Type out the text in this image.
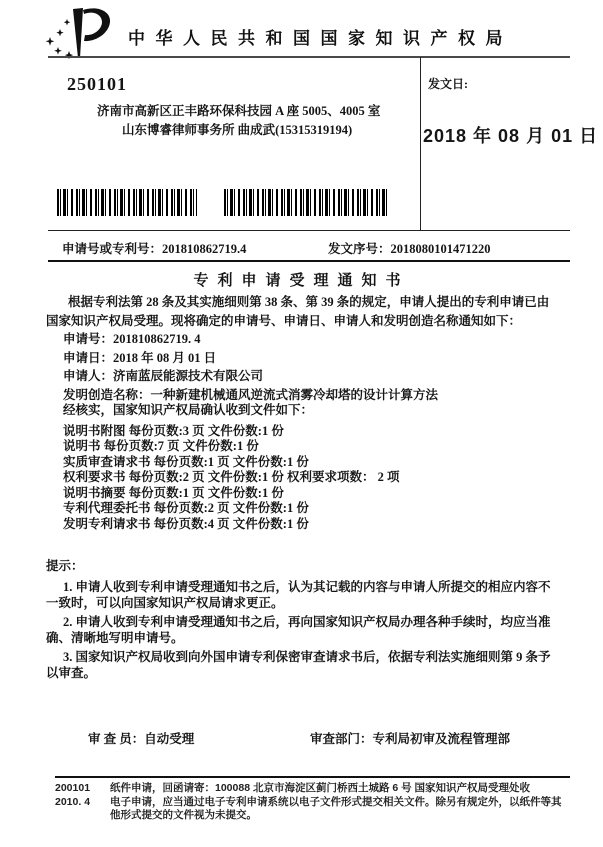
中华人民共和国国家知识产权局
250101
济南市高新区正丰路环保科技园 A 座 5005、4005 室
山东博睿律师事务所 曲成武(15315319194)
发文日:
2018 年 08 月 01 日
申请号或专利号：201810862719.4	发文序号：2018080101471220
专利申请受理通知书

根据专利法第 28 条及其实施细则第 38 条、第 39 条的规定，申请人提出的专利申请已由国家知识产权局受理。现将确定的申请号、申请日、申请人和发明创造名称通知如下：

申请号：201810862719. 4
申请日：2018 年 08 月 01 日
申请人：济南蓝辰能源技术有限公司
发明创造名称：一种新建机械通风逆流式消雾冷却塔的设计计算方法
经核实，国家知识产权局确认收到文件如下：
说明书附图 每份页数:3 页 文件份数:1 份
说明书 每份页数:7 页 文件份数:1 份
实质审查请求书 每份页数:1 页 文件份数:1 份
权利要求书 每份页数:2 页 文件份数:1 份 权利要求项数： 2 项
说明书摘要 每份页数:1 页 文件份数:1 份
专利代理委托书 每份页数:2 页 文件份数:1 份
发明专利请求书 每份页数:4 页 文件份数:1 份
提示：
1. 申请人收到专利申请受理通知书之后，认为其记载的内容与申请人所提交的相应内容不一致时，可以向国家知识产权局请求更正。
2. 申请人收到专利申请受理通知书之后，再向国家知识产权局办理各种手续时，均应当准确、清晰地写明申请号。
3. 国家知识产权局收到向外国申请专利保密审查请求书后，依据专利法实施细则第 9 条予以审查。
审 查 员：自动受理	审查部门：专利局初审及流程管理部
200101
2010. 4
纸件申请，回函请寄：100088 北京市海淀区蓟门桥西土城路 6 号 国家知识产权局受理处收
电子申请，应当通过电子专利申请系统以电子文件形式提交相关文件。除另有规定外，以纸件等其他形式提交的文件视为未提交。
